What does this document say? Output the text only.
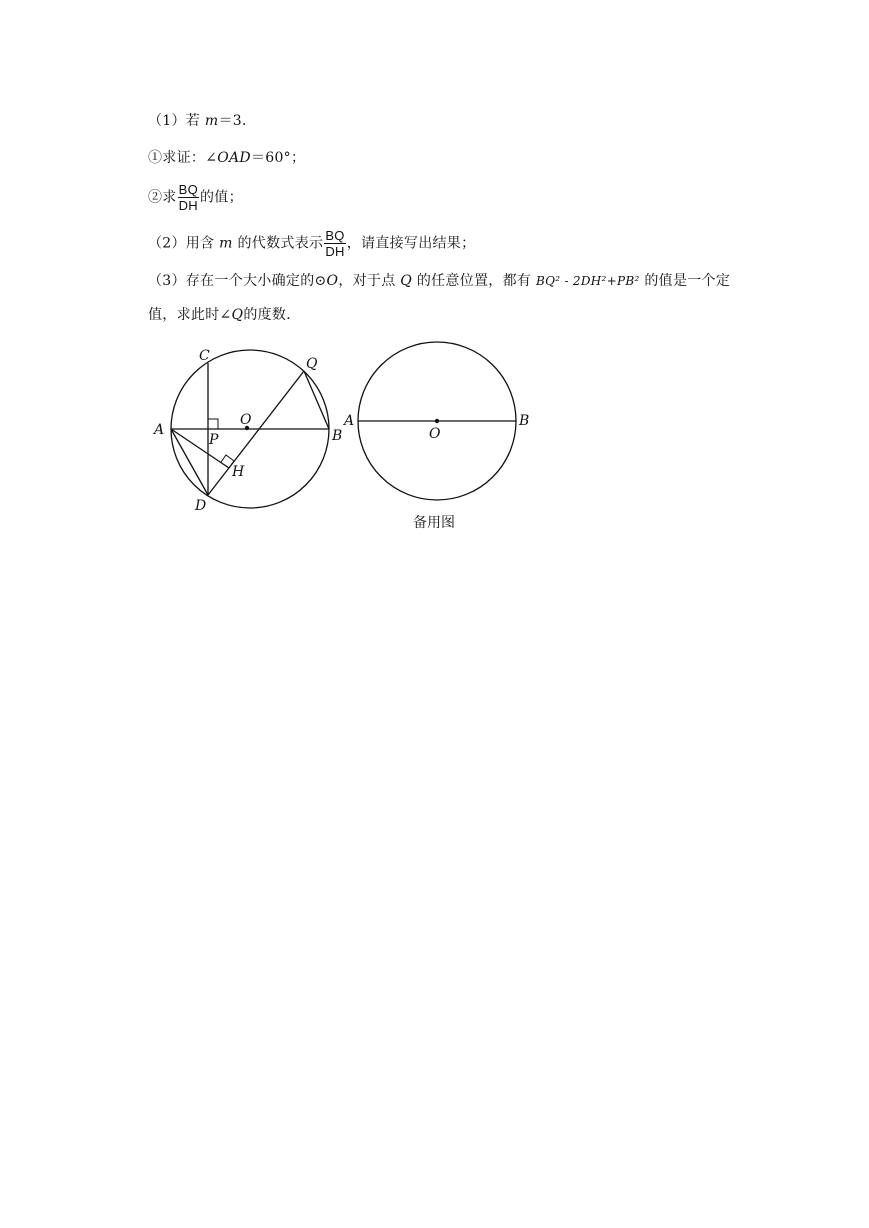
（1）若 m＝3．
①求证：∠OAD＝60°；
②求 $\frac{BQ}{DH}$ 的值；
（2）用含 m 的代数式表示 $\frac{BQ}{DH}$ ，请直接写出结果；
（3）存在一个大小确定的⊙O，对于点 Q 的任意位置，都有 BQ² - 2DH²+PB² 的值是一个定
值，求此时∠Q的度数．
A	B
C
D
O
P
Q
H
A	B
O
备用图
